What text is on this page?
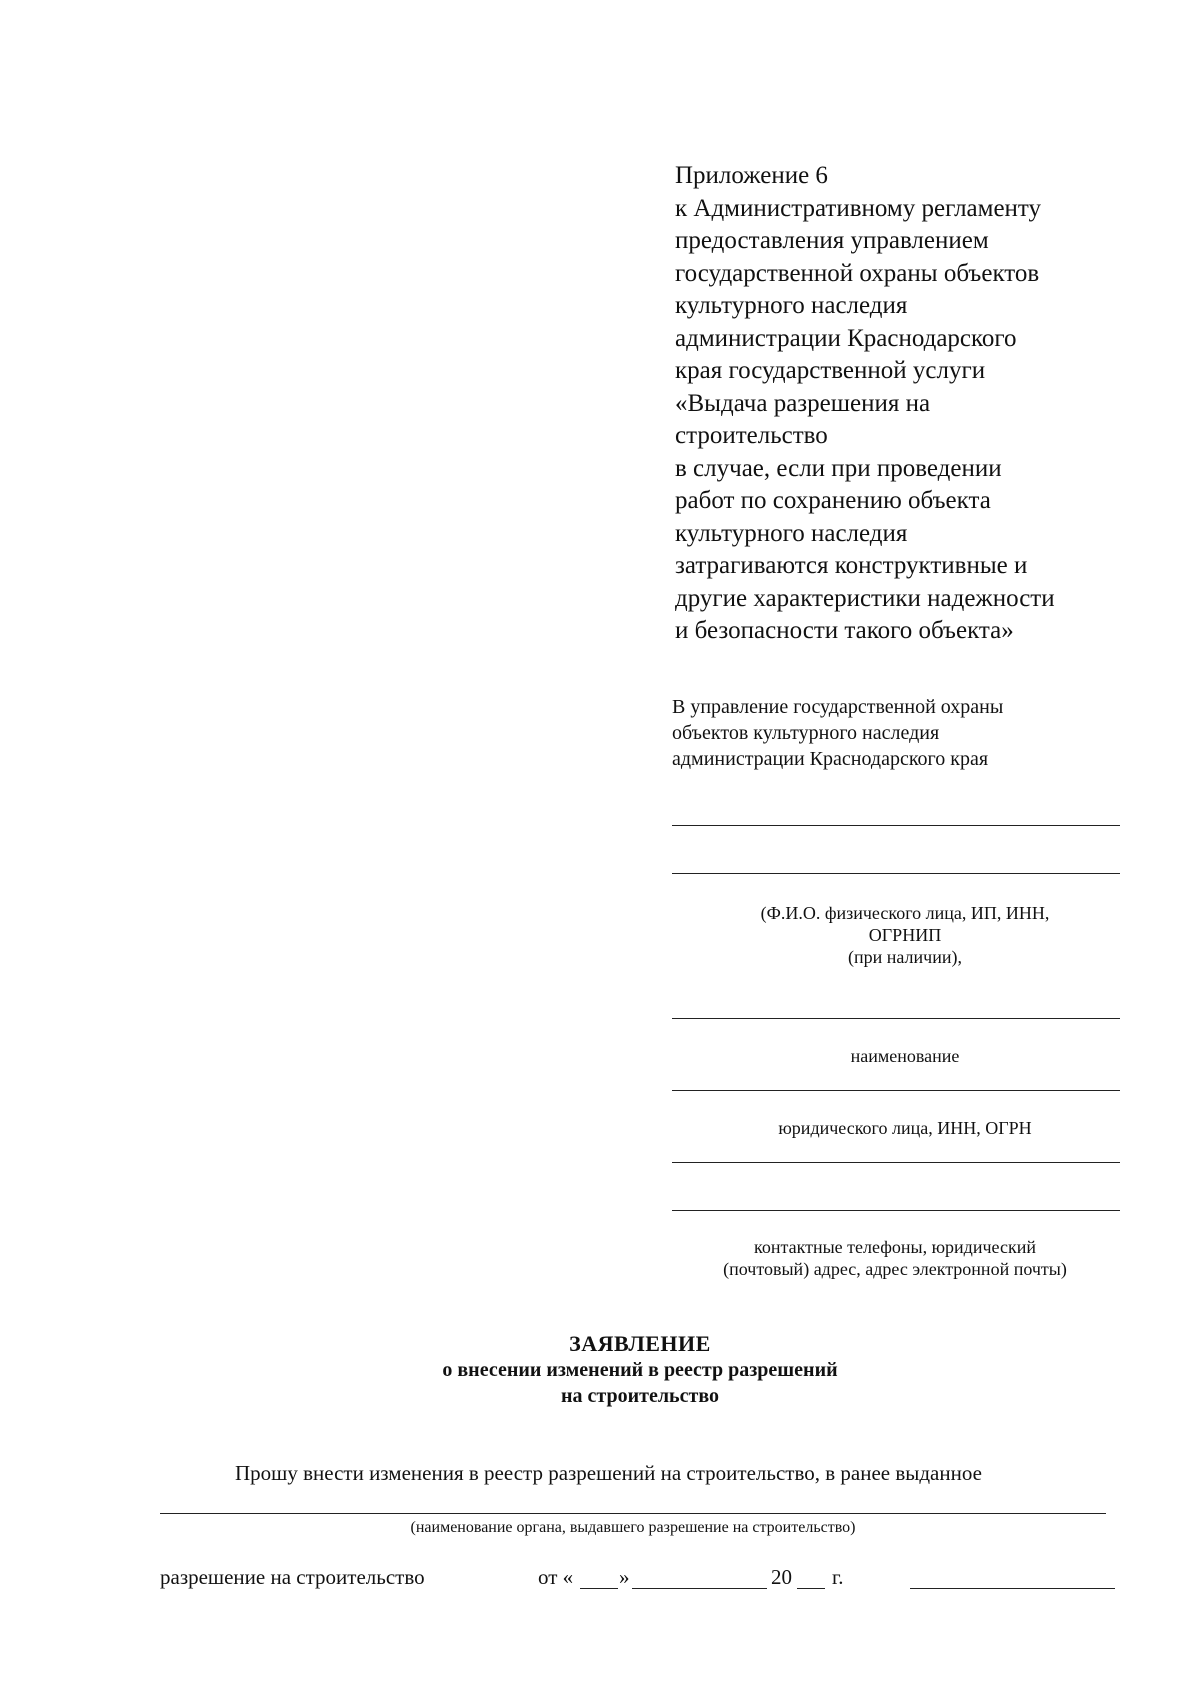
Приложение 6
к Административному регламенту
предоставления управлением
государственной охраны объектов
культурного наследия
администрации Краснодарского
края государственной услуги
«Выдача разрешения на
строительство
в случае, если при проведении
работ по сохранению объекта
культурного наследия
затрагиваются конструктивные и
другие характеристики надежности
и безопасности такого объекта»
В управление государственной охраны
объектов культурного наследия
администрации Краснодарского края
(Ф.И.О. физического лица, ИП, ИНН,
ОГРНИП
(при наличии),
наименование
юридического лица, ИНН, ОГРН
контактные телефоны, юридический
(почтовый) адрес, адрес электронной почты)
ЗАЯВЛЕНИЕ
о внесении изменений в реестр разрешений
на строительство
Прошу внести изменения в реестр разрешений на строительство, в ранее выданное
(наименование органа, выдавшего разрешение на строительство)
разрешение на строительство	от « »	20 г.
